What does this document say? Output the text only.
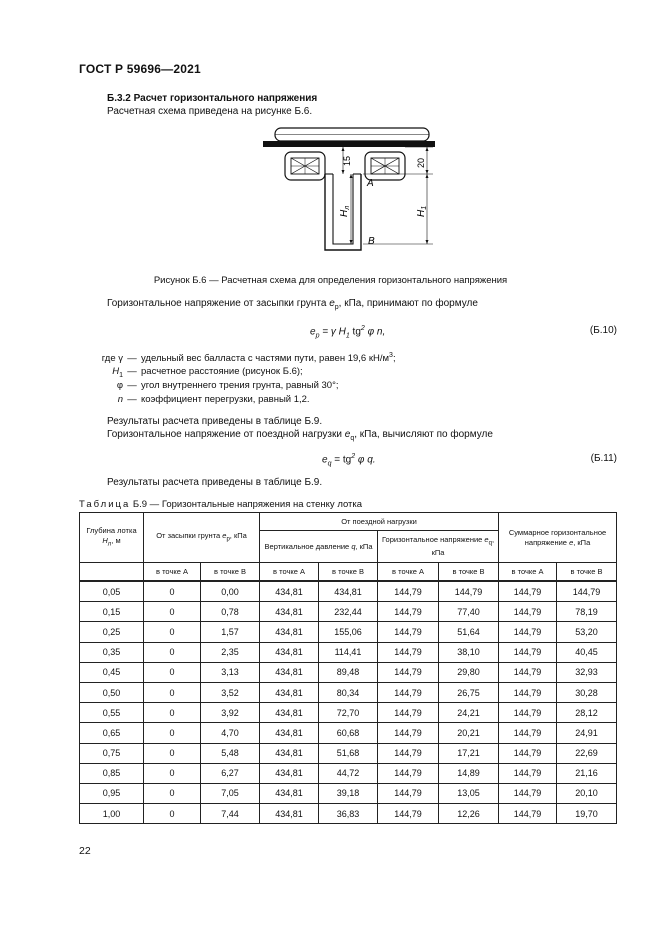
ГОСТ Р 59696—2021
Б.3.2 Расчет горизонтального напряжения
Расчетная схема приведена на рисунке Б.6.
15
$H_л$
20
$H_1$
A
B
Рисунок Б.6 — Расчетная схема для определения горизонтального напряжения
Горизонтальное напряжение от засыпки грунта $e_p$, кПа, принимают по формуле
$e_p = \gamma$ $H_1$ $tg^2$ φ n,	(Б.10)
где γ — удельный вес балласта с частями пути, равен 19,6 $кН/м^3$;
$H_1$ — расчетное расстояние (рисунок Б.6);
φ — угол внутреннего трения грунта, равный 30°;
n — коэффициент перегрузки, равный 1,2.
Результаты расчета приведены в таблице Б.9.
Горизонтальное напряжение от поездной нагрузки $e_q$, кПа, вычисляют по формуле
$e_q = tg^2$ φ q.	(Б.11)
Результаты расчета приведены в таблице Б.9.
Таблица Б.9 — Горизонтальные напряжения на стенку лотка
Глубина лотка $H_л$, м	От засыпки грунта $e_p$, кПа		От поездной нагрузки				Суммарное горизонтальное напряжение e, кПа	
			Вертикальное давление q, кПа		Горизонтальное напряжение $e_q$, кПа			
	в точке А	в точке В	в точке А	в точке В	в точке А	в точке В	в точке А	в точке В
0,05	0	0,00	434,81	434,81	144,79	144,79	144,79	144,79
0,15	0	0,78	434,81	232,44	144,79	77,40	144,79	78,19
0,25	0	1,57	434,81	155,06	144,79	51,64	144,79	53,20
0,35	0	2,35	434,81	114,41	144,79	38,10	144,79	40,45
0,45	0	3,13	434,81	89,48	144,79	29,80	144,79	32,93
0,50	0	3,52	434,81	80,34	144,79	26,75	144,79	30,28
0,55	0	3,92	434,81	72,70	144,79	24,21	144,79	28,12
0,65	0	4,70	434,81	60,68	144,79	20,21	144,79	24,91
0,75	0	5,48	434,81	51,68	144,79	17,21	144,79	22,69
0,85	0	6,27	434,81	44,72	144,79	14,89	144,79	21,16
0,95	0	7,05	434,81	39,18	144,79	13,05	144,79	20,10
1,00	0	7,44	434,81	36,83	144,79	12,26	144,79	19,70
22
